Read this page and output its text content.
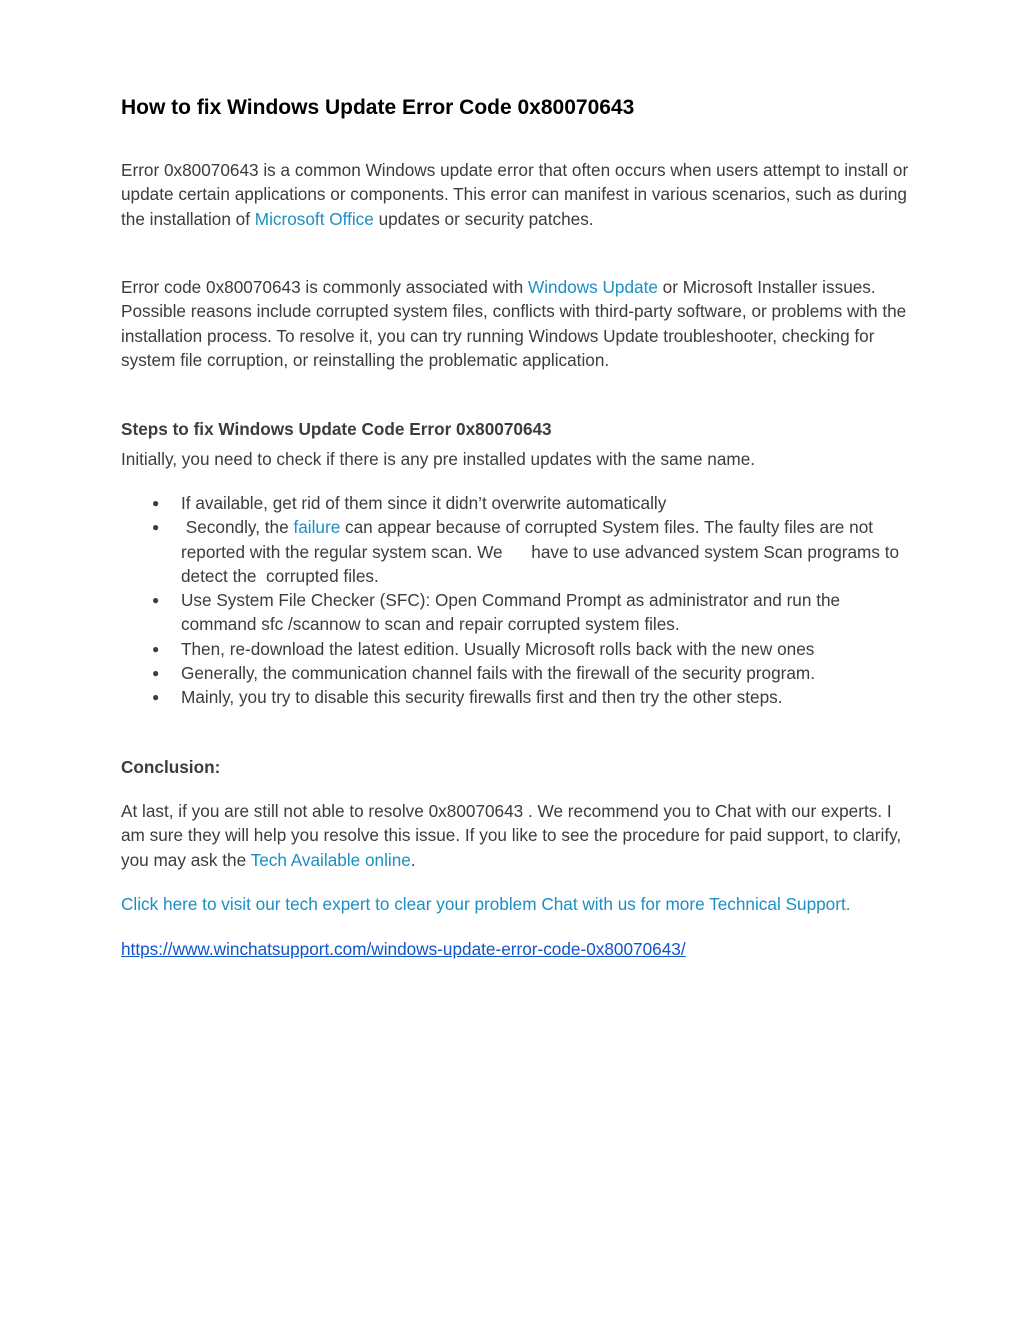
How to fix Windows Update Error Code 0x80070643

Error 0x80070643 is a common Windows update error that often occurs when users attempt to install or update certain applications or components. This error can manifest in various scenarios, such as during the installation of Microsoft Office updates or security patches.

Error code 0x80070643 is commonly associated with Windows Update or Microsoft Installer issues. Possible reasons include corrupted system files, conflicts with third-party software, or problems with the installation process. To resolve it, you can try running Windows Update troubleshooter, checking for system file corruption, or reinstalling the problematic application.

Steps to fix Windows Update Code Error 0x80070643

Initially, you need to check if there is any pre installed updates with the same name.

● If available, get rid of them since it didn’t overwrite automatically
● Secondly, the failure can appear because of corrupted System files. The faulty files are not reported with the regular system scan. We      have to use advanced system Scan programs to detect the  corrupted files.
● Use System File Checker (SFC): Open Command Prompt as administrator and run the command sfc /scannow to scan and repair corrupted system files.
● Then, re-download the latest edition. Usually Microsoft rolls back with the new ones
● Generally, the communication channel fails with the firewall of the security program.
● Mainly, you try to disable this security firewalls first and then try the other steps.
Conclusion:

At last, if you are still not able to resolve 0x80070643 . We recommend you to Chat with our experts. I am sure they will help you resolve this issue. If you like to see the procedure for paid support, to clarify, you may ask the Tech Available online.

Click here to visit our tech expert to clear your problem Chat with us for more Technical Support.

https://www.winchatsupport.com/windows-update-error-code-0x80070643/
